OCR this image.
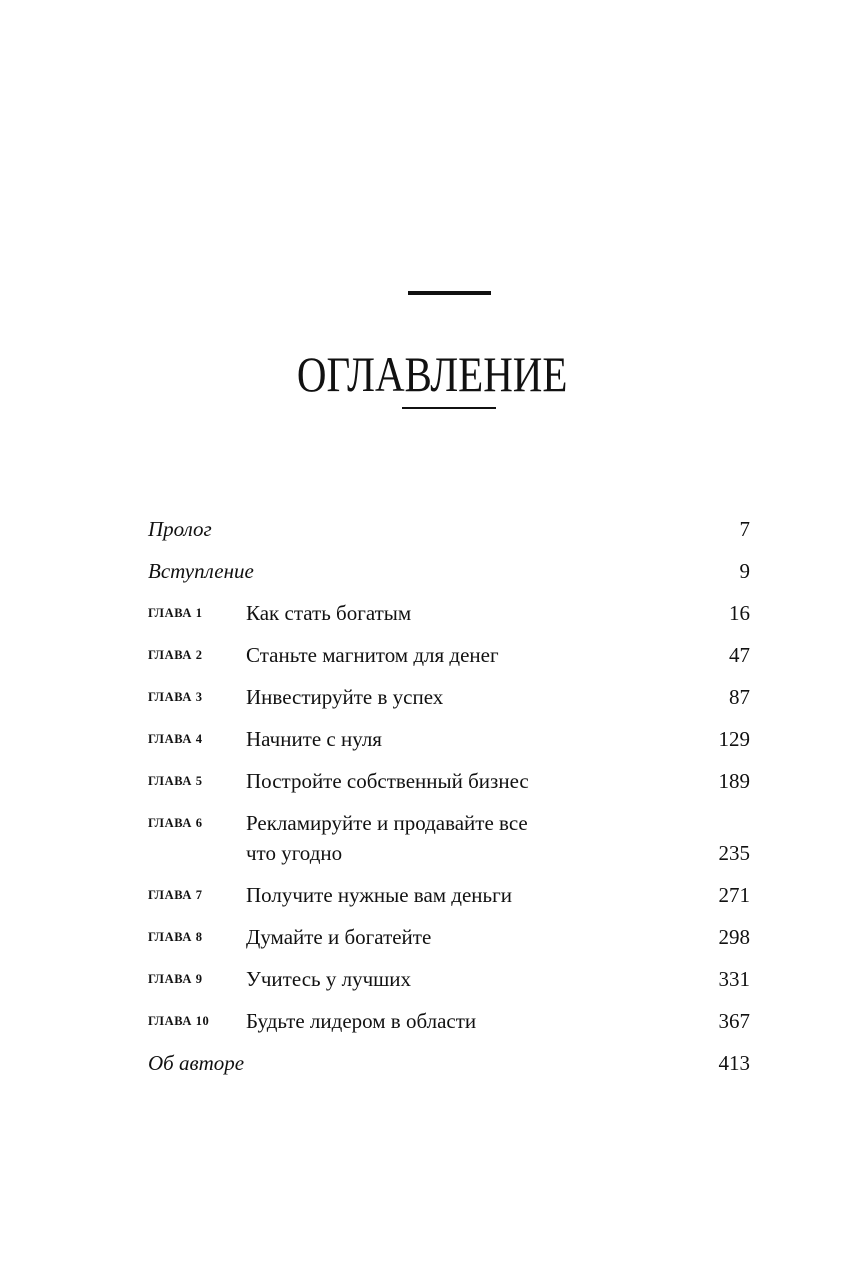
ОГЛАВЛЕНИЕ
Пролог	7
Вступление	9
ГЛАВА 1	Как стать богатым	16
ГЛАВА 2	Станьте магнитом для денег	47
ГЛАВА 3	Инвестируйте в успех	87
ГЛАВА 4	Начните с нуля	129
ГЛАВА 5	Постройте собственный бизнес	189
ГЛАВА 6	Рекламируйте и продавайте все
что угодно	235
ГЛАВА 7	Получите нужные вам деньги	271
ГЛАВА 8	Думайте и богатейте	298
ГЛАВА 9	Учитесь у лучших	331
ГЛАВА 10	Будьте лидером в области	367
Об авторе	413
